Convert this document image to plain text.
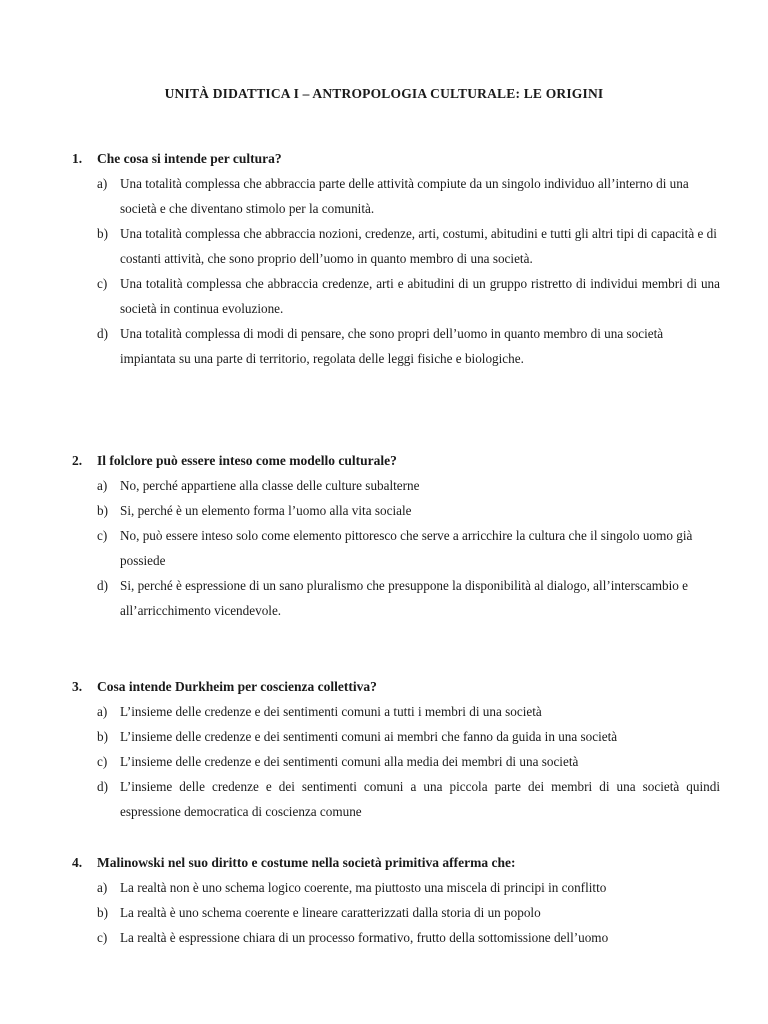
UNITÀ DIDATTICA I – ANTROPOLOGIA CULTURALE: LE ORIGINI
1.	Che cosa si intende per cultura?
a) Una totalità complessa che abbraccia parte delle attività compiute da un singolo individuo all’interno di una società e che diventano stimolo per la comunità.
b) Una totalità complessa che abbraccia nozioni, credenze, arti, costumi, abitudini e tutti gli altri tipi di capacità e di costanti attività, che sono proprio dell’uomo in quanto membro di una società.
c) Una totalità complessa che abbraccia credenze, arti e abitudini di un gruppo ristretto di individui membri di una società in continua evoluzione.
d) Una totalità complessa di modi di pensare, che sono propri dell’uomo in quanto membro di una società impiantata su una parte di territorio, regolata delle leggi fisiche e biologiche.
2.	Il folclore può essere inteso come modello culturale?
a) No, perché appartiene alla classe delle culture subalterne
b) Si, perché è un elemento forma l’uomo alla vita sociale
c) No, può essere inteso solo come elemento pittoresco che serve a arricchire la cultura che il singolo uomo già possiede
d) Si, perché è espressione di un sano pluralismo che presuppone la disponibilità al dialogo, all’interscambio e all’arricchimento vicendevole.
3.	Cosa intende Durkheim per coscienza collettiva?
a) L’insieme delle credenze e dei sentimenti comuni a tutti i membri di una società
b) L’insieme delle credenze e dei sentimenti comuni ai membri che fanno da guida in una società
c) L’insieme delle credenze e dei sentimenti comuni alla media dei membri di una società
d) L’insieme delle credenze e dei sentimenti comuni a una piccola parte dei membri di una società quindi espressione democratica di coscienza comune
4.	Malinowski nel suo diritto e costume nella società primitiva afferma che:
a) La realtà non è uno schema logico coerente, ma piuttosto una miscela di principi in conflitto
b) La realtà è uno schema coerente e lineare caratterizzati dalla storia di un popolo
c) La realtà è espressione chiara di un processo formativo, frutto della sottomissione dell’uomo
